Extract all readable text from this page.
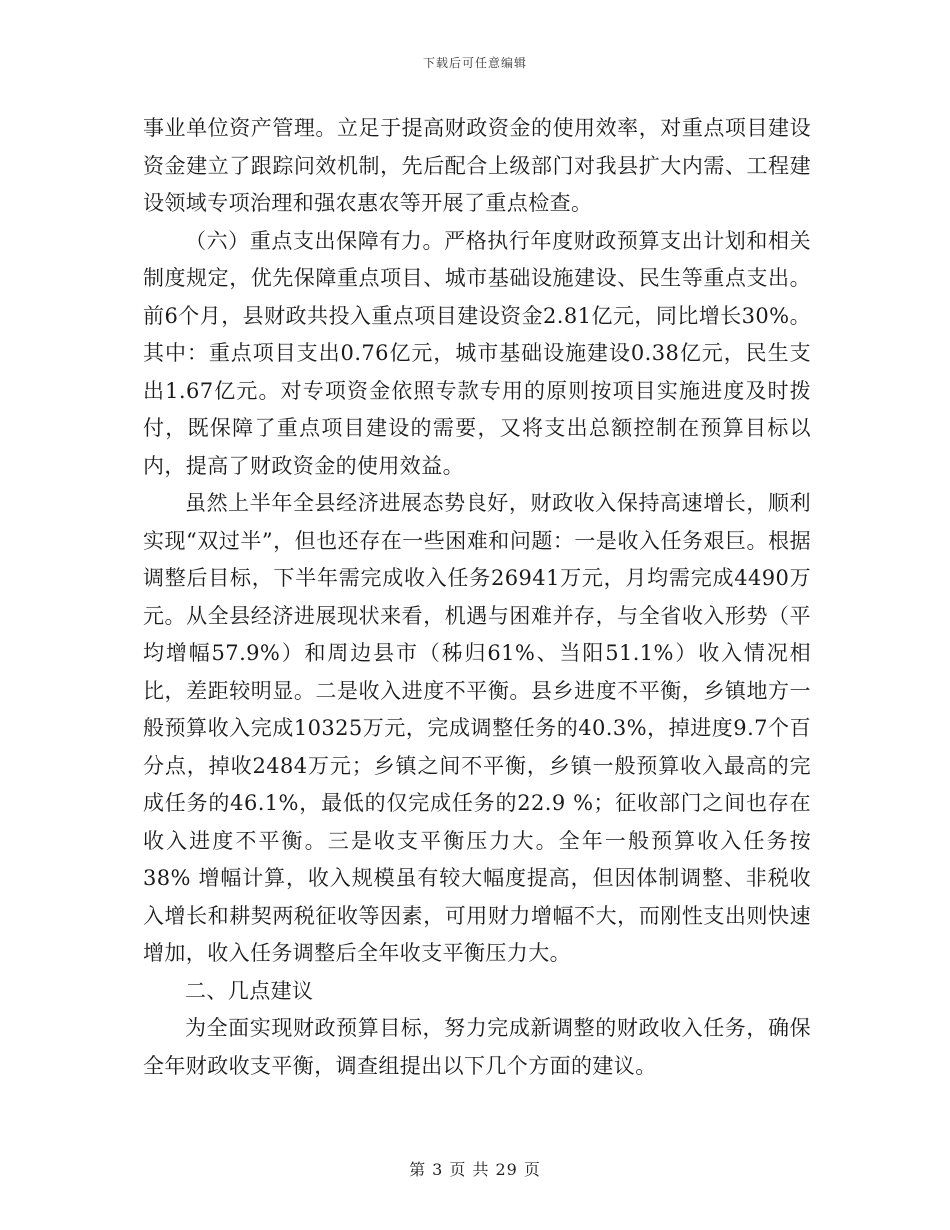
下载后可任意编辑

事业单位资产管理。立足于提高财政资金的使用效率，对重点项目建设资金建立了跟踪问效机制，先后配合上级部门对我县扩大内需、工程建设领域专项治理和强农惠农等开展了重点检查。

（六）重点支出保障有力。严格执行年度财政预算支出计划和相关制度规定，优先保障重点项目、城市基础设施建设、民生等重点支出。前6个月，县财政共投入重点项目建设资金2.81亿元，同比增长30%。其中：重点项目支出0.76亿元，城市基础设施建设0.38亿元，民生支出1.67亿元。对专项资金依照专款专用的原则按项目实施进度及时拨付，既保障了重点项目建设的需要，又将支出总额控制在预算目标以内，提高了财政资金的使用效益。

虽然上半年全县经济进展态势良好，财政收入保持高速增长，顺利实现“双过半”，但也还存在一些困难和问题：一是收入任务艰巨。根据调整后目标，下半年需完成收入任务26941万元，月均需完成4490万元。从全县经济进展现状来看，机遇与困难并存，与全省收入形势（平均增幅57.9%）和周边县市（秭归61%、当阳51.1%）收入情况相比，差距较明显。二是收入进度不平衡。县乡进度不平衡，乡镇地方一般预算收入完成10325万元，完成调整任务的40.3%，掉进度9.7个百分点，掉收2484万元；乡镇之间不平衡，乡镇一般预算收入最高的完成任务的46.1%，最低的仅完成任务的22.9 %；征收部门之间也存在收入进度不平衡。三是收支平衡压力大。全年一般预算收入任务按38% 增幅计算，收入规模虽有较大幅度提高，但因体制调整、非税收入增长和耕契两税征收等因素，可用财力增幅不大，而刚性支出则快速增加，收入任务调整后全年收支平衡压力大。

二、几点建议

为全面实现财政预算目标，努力完成新调整的财政收入任务，确保全年财政收支平衡，调查组提出以下几个方面的建议。

第 3 页 共 29 页
